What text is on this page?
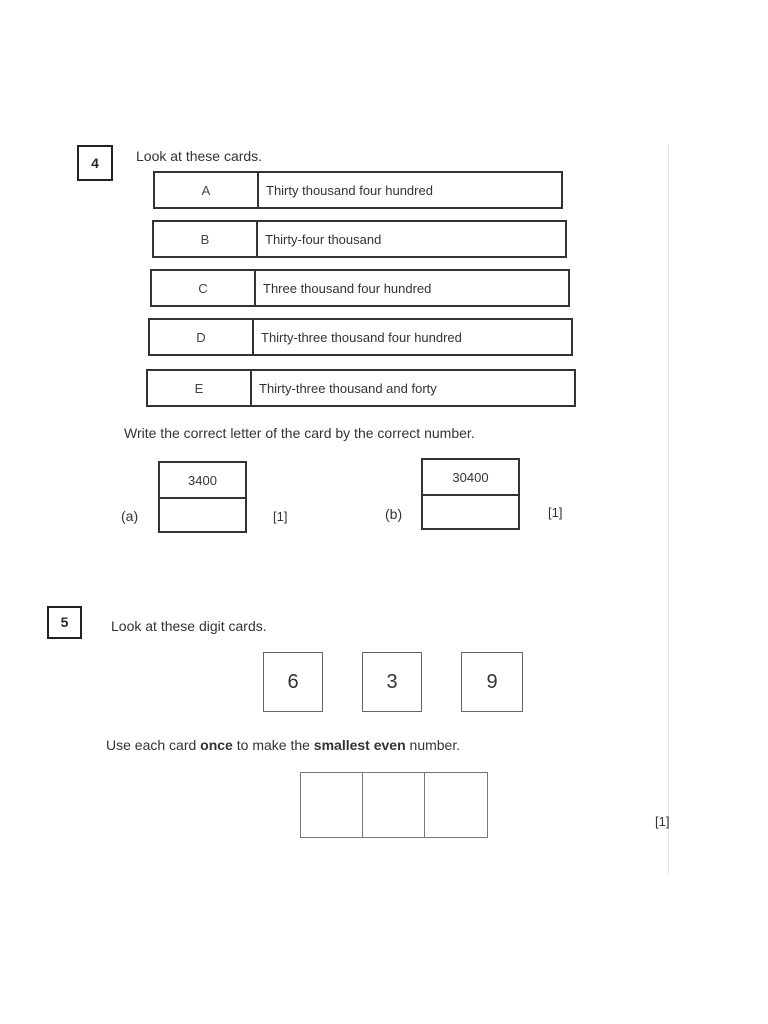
4	Look at these cards.
A	Thirty thousand four hundred
B	Thirty-four thousand
C	Three thousand four hundred
D	Thirty-three thousand four hundred
E	Thirty-three thousand and forty
Write the correct letter of the card by the correct number.
(a)
3400
[1]	(b)
30400
[1]
5	Look at these digit cards.
6	3	9
Use each card once to make the smallest even number.
[1]
